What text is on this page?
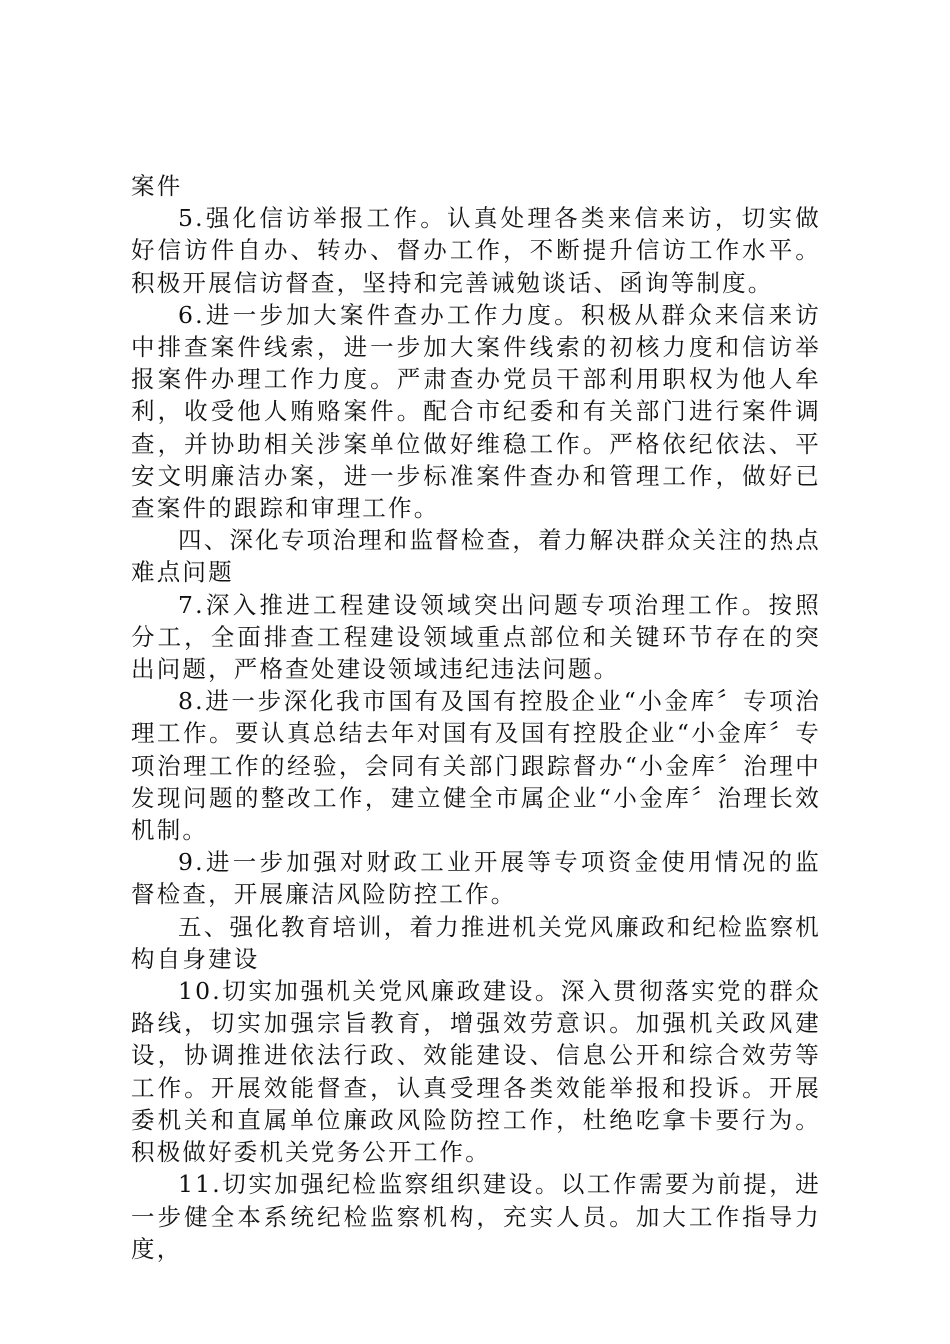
案件

5.强化信访举报工作。认真处理各类来信来访，切实做好信访件自办、转办、督办工作，不断提升信访工作水平。积极开展信访督查，坚持和完善诫勉谈话、函询等制度。

6.进一步加大案件查办工作力度。积极从群众来信来访中排查案件线索，进一步加大案件线索的初核力度和信访举报案件办理工作力度。严肃查办党员干部利用职权为他人牟利，收受他人贿赂案件。配合市纪委和有关部门进行案件调查，并协助相关涉案单位做好维稳工作。严格依纪依法、平安文明廉洁办案，进一步标准案件查办和管理工作，做好已查案件的跟踪和审理工作。

四、深化专项治理和监督检查，着力解决群众关注的热点难点问题

7.深入推进工程建设领域突出问题专项治理工作。按照分工，全面排查工程建设领域重点部位和关键环节存在的突出问题，严格查处建设领域违纪违法问题。

8.进一步深化我市国有及国有控股企业“小金库〞专项治理工作。要认真总结去年对国有及国有控股企业“小金库〞专项治理工作的经验，会同有关部门跟踪督办“小金库〞治理中发现问题的整改工作，建立健全市属企业“小金库〞治理长效机制。

9.进一步加强对财政工业开展等专项资金使用情况的监督检查，开展廉洁风险防控工作。

五、强化教育培训，着力推进机关党风廉政和纪检监察机构自身建设

10.切实加强机关党风廉政建设。深入贯彻落实党的群众路线，切实加强宗旨教育，增强效劳意识。加强机关政风建设，协调推进依法行政、效能建设、信息公开和综合效劳等工作。开展效能督查，认真受理各类效能举报和投诉。开展委机关和直属单位廉政风险防控工作，杜绝吃拿卡要行为。积极做好委机关党务公开工作。

11.切实加强纪检监察组织建设。以工作需要为前提，进一步健全本系统纪检监察机构，充实人员。加大工作指导力度，
